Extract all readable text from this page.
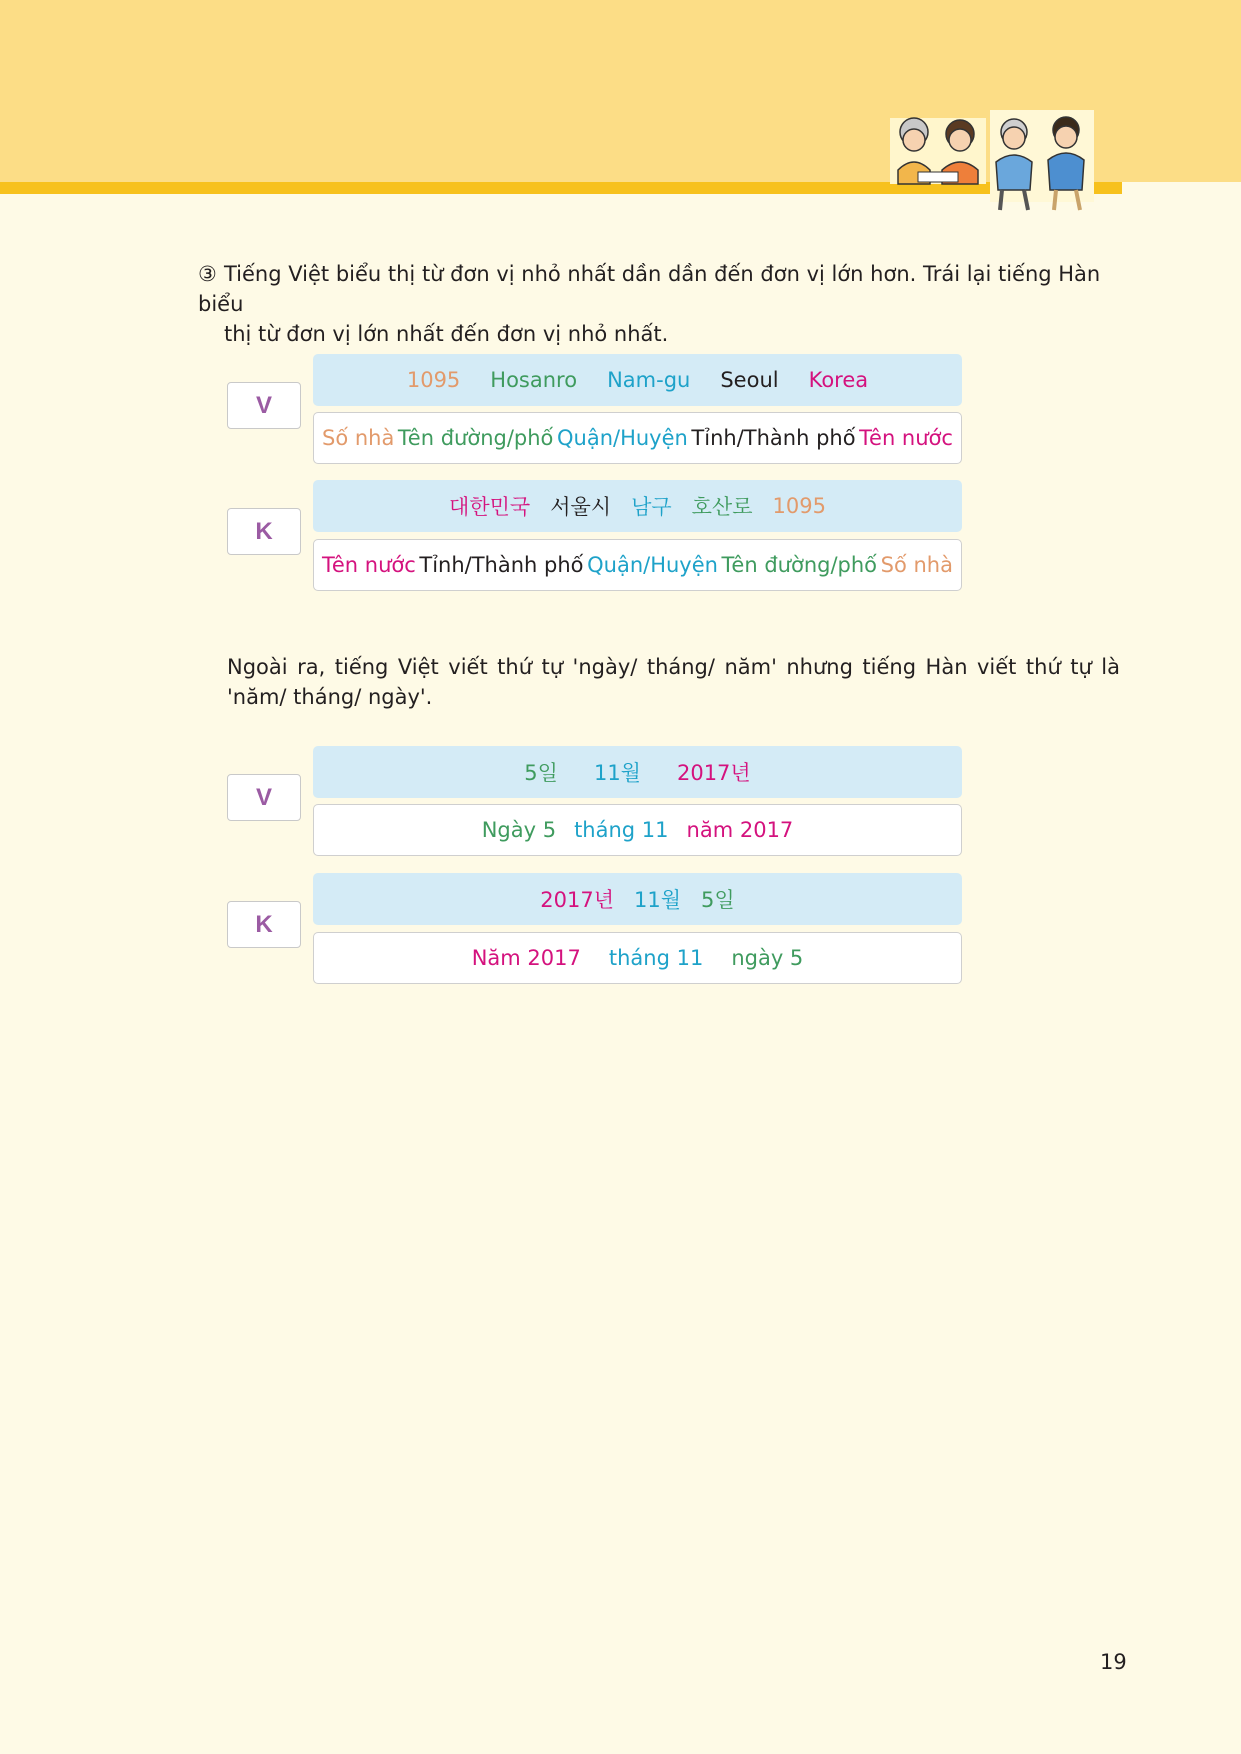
③ Tiếng Việt biểu thị từ đơn vị nhỏ nhất dần dần đến đơn vị lớn hơn. Trái lại tiếng Hàn biểu
thị từ đơn vị lớn nhất đến đơn vị nhỏ nhất.

V
1095 Hosanro Nam-gu Seoul Korea
Số nhà Tên đường/phố Quận/Huyện Tỉnh/Thành phố Tên nước
K
대한민국 서울시 남구 호산로 1095
Tên nước Tỉnh/Thành phố Quận/Huyện Tên đường/phố Số nhà

Ngoài ra, tiếng Việt viết thứ tự 'ngày/ tháng/ năm' nhưng tiếng Hàn viết thứ tự là 'năm/ tháng/ ngày'.

V
5일 11월 2017년
Ngày 5 tháng 11 năm 2017
K
2017년 11월 5일
Năm 2017 tháng 11 ngày 5
19
